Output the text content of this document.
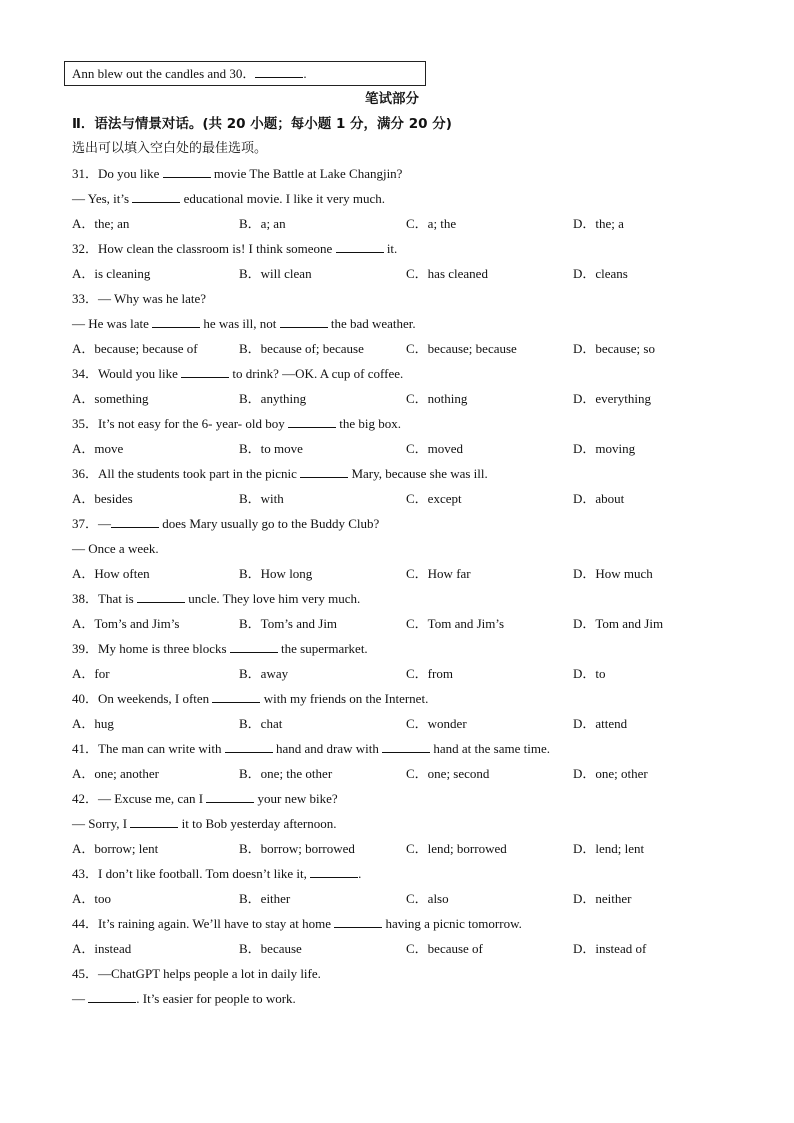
Ann blew out the candles and 30．	.
笔试部分
Ⅱ．语法与情景对话。(共 20 小题；每小题 1 分，满分 20 分)
选出可以填入空白处的最佳选项。
31．Do you like	movie The Battle at Lake Changjin?
— Yes, it’s	educational movie. I like it very much.
A．the; an	B．a; an	C．a; the	D．the; a
32．How clean the classroom is! I think someone	it.
A．is cleaning	B．will clean	C．has cleaned	D．cleans
33．— Why was he late?
— He was late	he was ill, not	the bad weather.
A．because; because of	B．because of; because	C．because; because	D．because; so
34．Would you like	to drink? —OK. A cup of coffee.
A．something	B．anything	C．nothing	D．everything
35．It’s not easy for the 6- year- old boy	the big box.
A．move	B．to move	C．moved	D．moving
36．All the students took part in the picnic	Mary, because she was ill.
A．besides	B．with	C．except	D．about
37．—	does Mary usually go to the Buddy Club?
— Once a week.
A．How often	B．How long	C．How far	D．How much
38．That is	uncle. They love him very much.
A．Tom’s and Jim’s	B．Tom’s and Jim	C．Tom and Jim’s	D．Tom and Jim
39．My home is three blocks	the supermarket.
A．for	B．away	C．from	D．to
40．On weekends, I often	with my friends on the Internet.
A．hug	B．chat	C．wonder	D．attend
41．The man can write with	hand and draw with	hand at the same time.
A．one; another	B．one; the other	C．one; second	D．one; other
42．— Excuse me, can I	your new bike?
— Sorry, I	it to Bob yesterday afternoon.
A．borrow; lent	B．borrow; borrowed	C．lend; borrowed	D．lend; lent
43．I don’t like football. Tom doesn’t like it,	.
A．too	B．either	C．also	D．neither
44．It’s raining again. We’ll have to stay at home	having a picnic tomorrow.
A．instead	B．because	C．because of	D．instead of
45．—ChatGPT helps people a lot in daily life.
—	. It’s easier for people to work.
